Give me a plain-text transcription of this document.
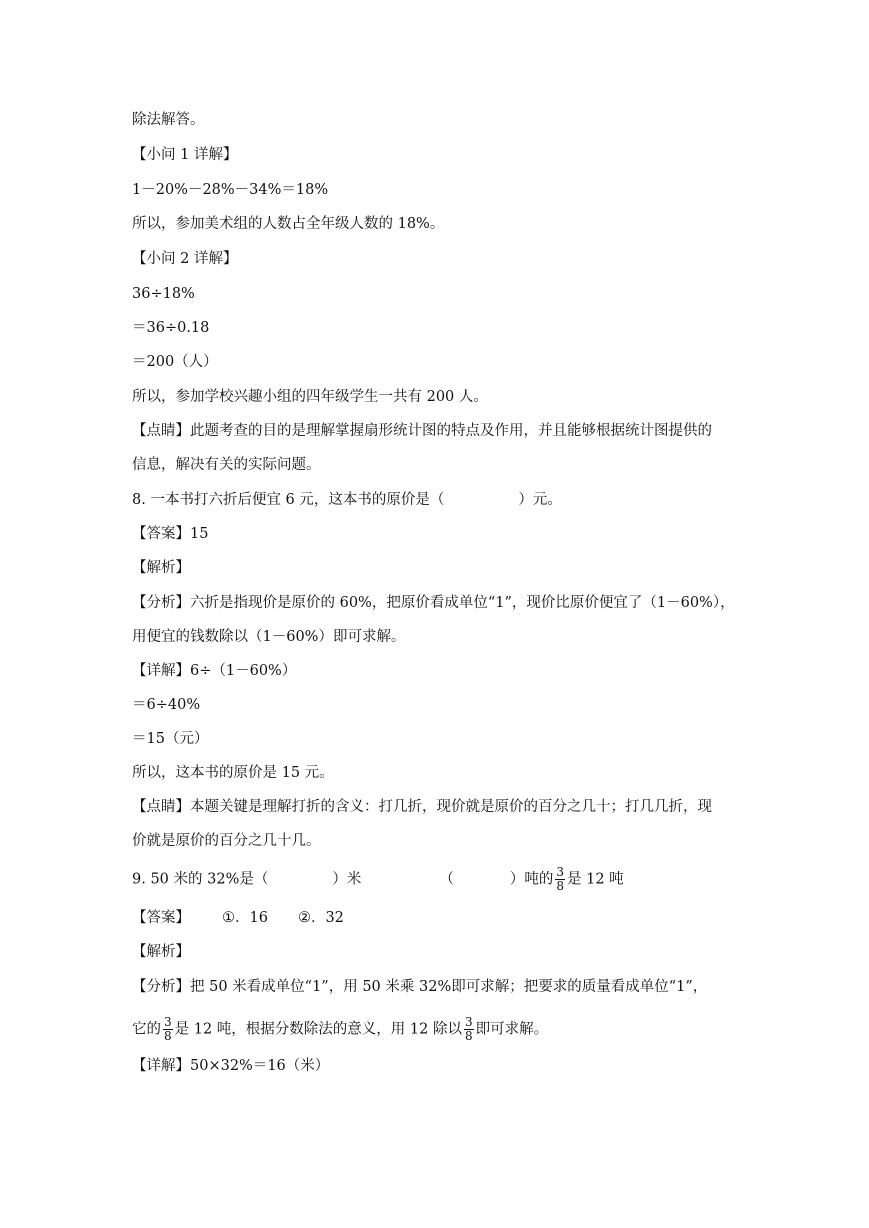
除法解答。
【小问 1 详解】
1－20%－28%－34%＝18%
所以，参加美术组的人数占全年级人数的 18%。
【小问 2 详解】
36÷18%
＝36÷0.18
＝200（人）
所以，参加学校兴趣小组的四年级学生一共有 200 人。
【点睛】此题考查的目的是理解掌握扇形统计图的特点及作用，并且能够根据统计图提供的
信息，解决有关的实际问题。
8. 一本书打六折后便宜 6 元，这本书的原价是（	）元。
【答案】15
【解析】
【分析】六折是指现价是原价的 60%，把原价看成单位“1”，现价比原价便宜了（1－60%），
用便宜的钱数除以（1－60%）即可求解。
【详解】6÷（1－60%）
＝6÷40%
＝15（元）
所以，这本书的原价是 15 元。
【点睛】本题关键是理解打折的含义：打几折，现价就是原价的百分之几十；打几几折，现
价就是原价的百分之几十几。
9. 50 米的 32%是（	）米	（	）吨的 $\frac{3}{8}$ 是 12 吨
【答案】 ①．16 ②．32
【解析】
【分析】把 50 米看成单位“1”，用 50 米乘 32%即可求解；把要求的质量看成单位“1”，
它的 $\frac{3}{8}$ 是 12 吨，根据分数除法的意义，用 12 除以 $\frac{3}{8}$ 即可求解。
【详解】50×32%＝16（米）
